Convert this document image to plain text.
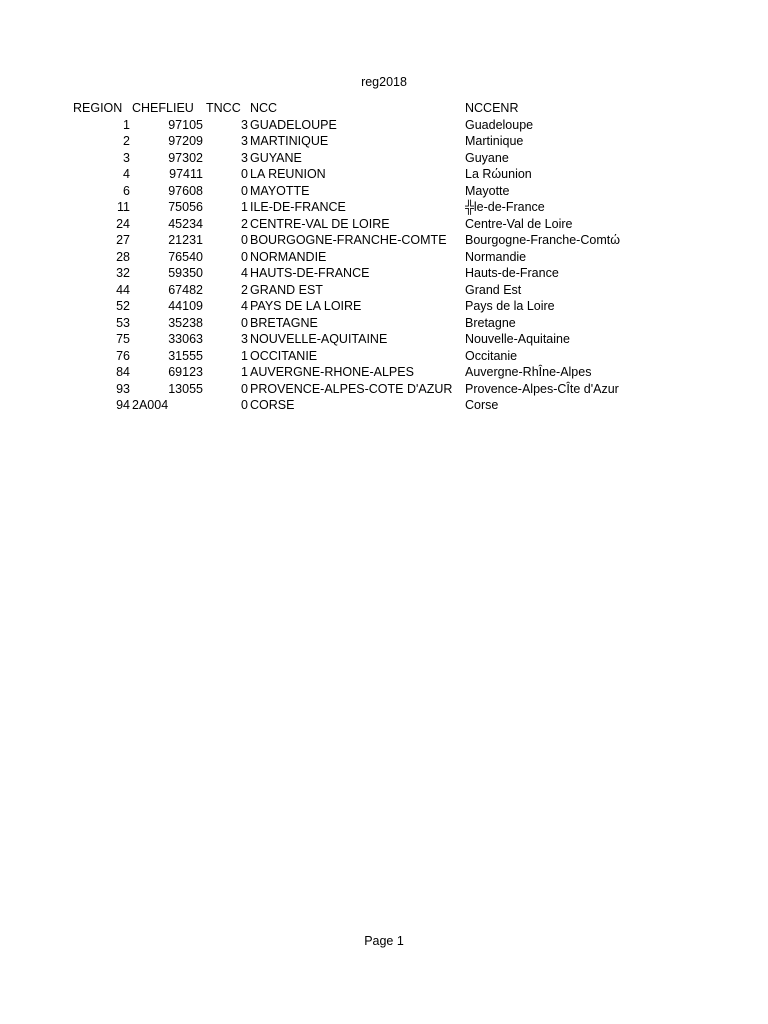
reg2018
REGION CHEFLIEU TNCC NCC	NCCENR
1	97105	3 GUADELOUPE	Guadeloupe
2	97209	3 MARTINIQUE	Martinique
3	97302	3 GUYANE	Guyane
4	97411	0 LA REUNION	La Rώunion
6	97608	0 MAYOTTE	Mayotte
11	75056	1 ILE-DE-FRANCE	╬le-de-France
24	45234	2 CENTRE-VAL DE LOIRE	Centre-Val de Loire
27	21231	0 BOURGOGNE-FRANCHE-COMTE Bourgogne-Franche-Comtώ
28	76540	0 NORMANDIE	Normandie
32	59350	4 HAUTS-DE-FRANCE	Hauts-de-France
44	67482	2 GRAND EST	Grand Est
52	44109	4 PAYS DE LA LOIRE	Pays de la Loire
53	35238	0 BRETAGNE	Bretagne
75	33063	3 NOUVELLE-AQUITAINE	Nouvelle-Aquitaine
76	31555	1 OCCITANIE	Occitanie
84	69123	1 AUVERGNE-RHONE-ALPES	Auvergne-RhÎne-Alpes
93	13055	0 PROVENCE-ALPES-COTE D'AZUR Provence-Alpes-CÎte d'Azur
94 2A004	0 CORSE	Corse
Page 1
